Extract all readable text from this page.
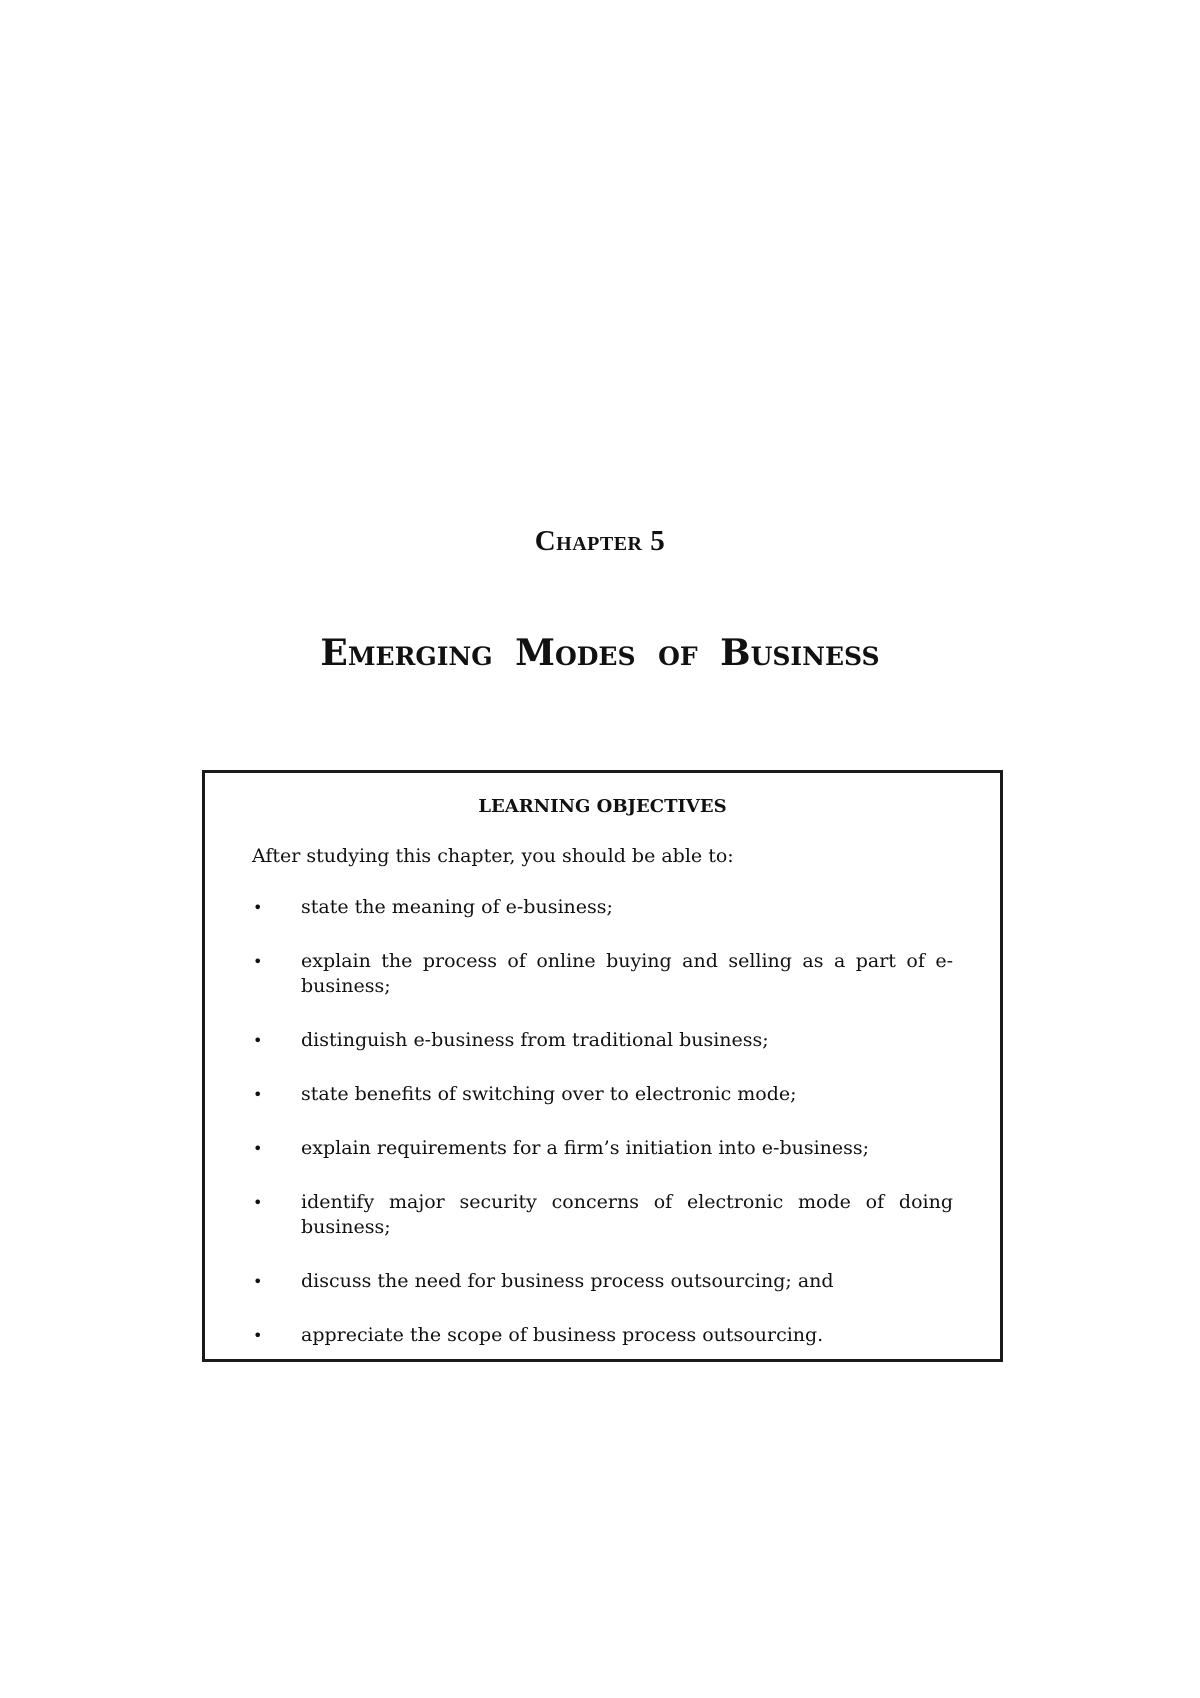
Chapter 5
Emerging Modes of Business
LEARNING OBJECTIVES

After studying this chapter, you should be able to:

• state the meaning of e-business;
• explain the process of online buying and selling as a part of e-business;
• distinguish e-business from traditional business;
• state benefits of switching over to electronic mode;
• explain requirements for a firm’s initiation into e-business;
• identify major security concerns of electronic mode of doing business;
• discuss the need for business process outsourcing; and
• appreciate the scope of business process outsourcing.
